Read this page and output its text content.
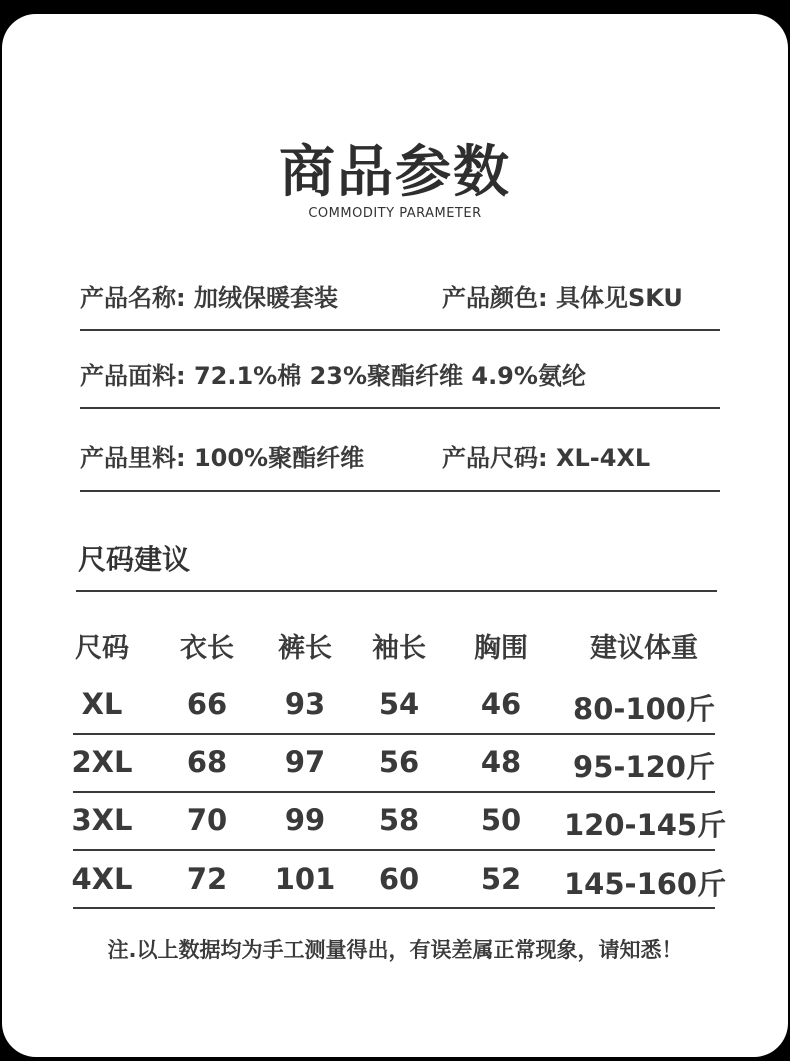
商品参数
COMMODITY PARAMETER
产品名称: 加绒保暖套装	产品颜色: 具体见SKU
产品面料: 72.1%棉 23%聚酯纤维 4.9%氨纶
产品里料: 100%聚酯纤维	产品尺码: XL-4XL
尺码建议
尺码	衣长	裤长	袖长	胸围	建议体重
XL	66	93	54	46	80-100斤
2XL	68	97	56	48	95-120斤
3XL	70	99	58	50	120-145斤
4XL	72	101	60	52	145-160斤
注.以上数据均为手工测量得出，有误差属正常现象，请知悉！
